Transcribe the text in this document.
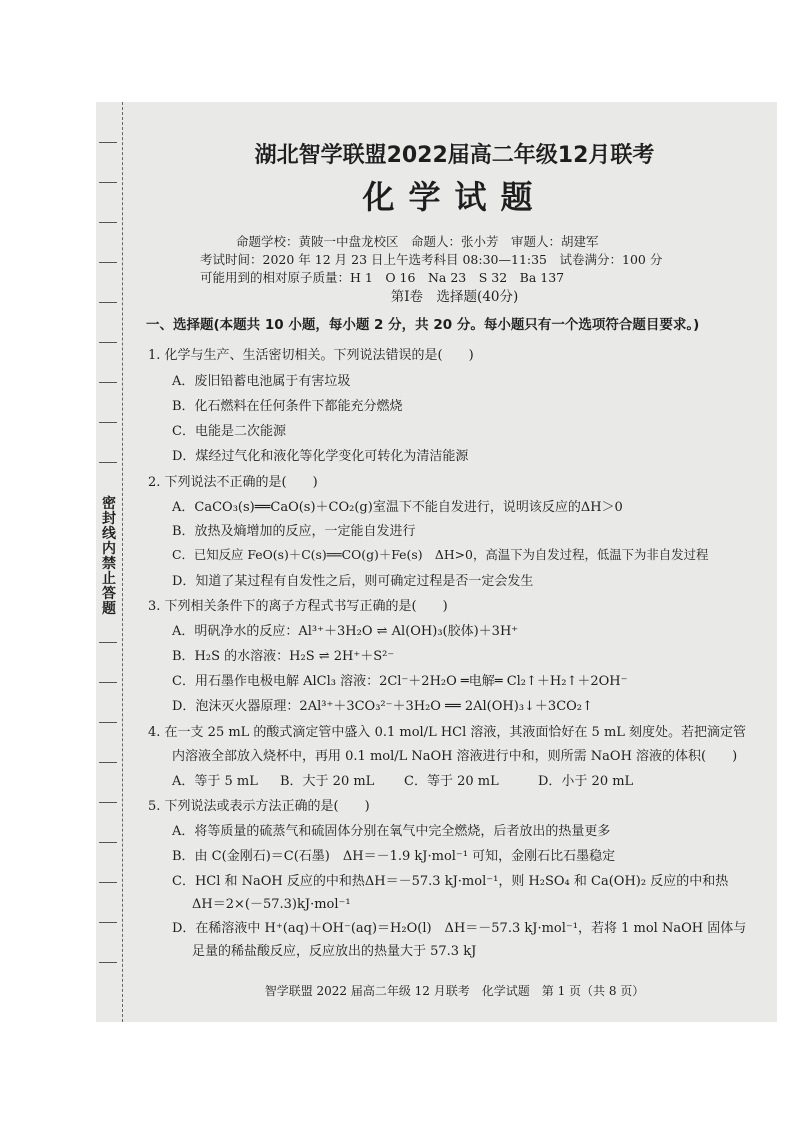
密封线内禁止答题
湖北智学联盟2022届高二年级12月联考
化学试题
命题学校：黄陂一中盘龙校区　命题人：张小芳　审题人：胡建军
考试时间：2020 年 12 月 23 日上午选考科目 08:30—11:35　试卷满分：100 分
可能用到的相对原子质量：H 1　O 16　Na 23　S 32　Ba 137
第Ⅰ卷　选择题(40分)
一、选择题(本题共 10 小题，每小题 2 分，共 20 分。每小题只有一个选项符合题目要求。)
1. 化学与生产、生活密切相关。下列说法错误的是(　　)
A．废旧铅蓄电池属于有害垃圾
B．化石燃料在任何条件下都能充分燃烧
C．电能是二次能源
D．煤经过气化和液化等化学变化可转化为清洁能源
2. 下列说法不正确的是(　　)
A．CaCO₃(s)══CaO(s)＋CO₂(g)室温下不能自发进行，说明该反应的ΔH＞0
B．放热及熵增加的反应，一定能自发进行
C．已知反应 FeO(s)＋C(s)══CO(g)＋Fe(s)　ΔH>0，高温下为自发过程，低温下为非自发过程
D．知道了某过程有自发性之后，则可确定过程是否一定会发生
3. 下列相关条件下的离子方程式书写正确的是(　　)
A．明矾净水的反应：Al³⁺＋3H₂O ⇌ Al(OH)₃(胶体)＋3H⁺
B．H₂S 的水溶液：H₂S ⇌ 2H⁺＋S²⁻
C．用石墨作电极电解 AlCl₃ 溶液：2Cl⁻＋2H₂O ═电解═ Cl₂↑＋H₂↑＋2OH⁻
D．泡沫灭火器原理：2Al³⁺＋3CO₃²⁻＋3H₂O ══ 2Al(OH)₃↓＋3CO₂↑
4. 在一支 25 mL 的酸式滴定管中盛入 0.1 mol/L HCl 溶液，其液面恰好在 5 mL 刻度处。若把滴定管
内溶液全部放入烧杯中，再用 0.1 mol/L NaOH 溶液进行中和，则所需 NaOH 溶液的体积(　　)
A．等于 5 mL B．大于 20 mL C．等于 20 mL	D．小于 20 mL
5. 下列说法或表示方法正确的是(　　)
A．将等质量的硫蒸气和硫固体分别在氧气中完全燃烧，后者放出的热量更多
B．由 C(金刚石)＝C(石墨)　ΔH＝－1.9 kJ·mol⁻¹ 可知，金刚石比石墨稳定
C．HCl 和 NaOH 反应的中和热ΔH＝－57.3 kJ·mol⁻¹，则 H₂SO₄ 和 Ca(OH)₂ 反应的中和热
ΔH＝2×(－57.3)kJ·mol⁻¹
D．在稀溶液中 H⁺(aq)＋OH⁻(aq)＝H₂O(l)　ΔH＝－57.3 kJ·mol⁻¹，若将 1 mol NaOH 固体与
足量的稀盐酸反应，反应放出的热量大于 57.3 kJ
智学联盟 2022 届高二年级 12 月联考　化学试题　第 1 页（共 8 页）
